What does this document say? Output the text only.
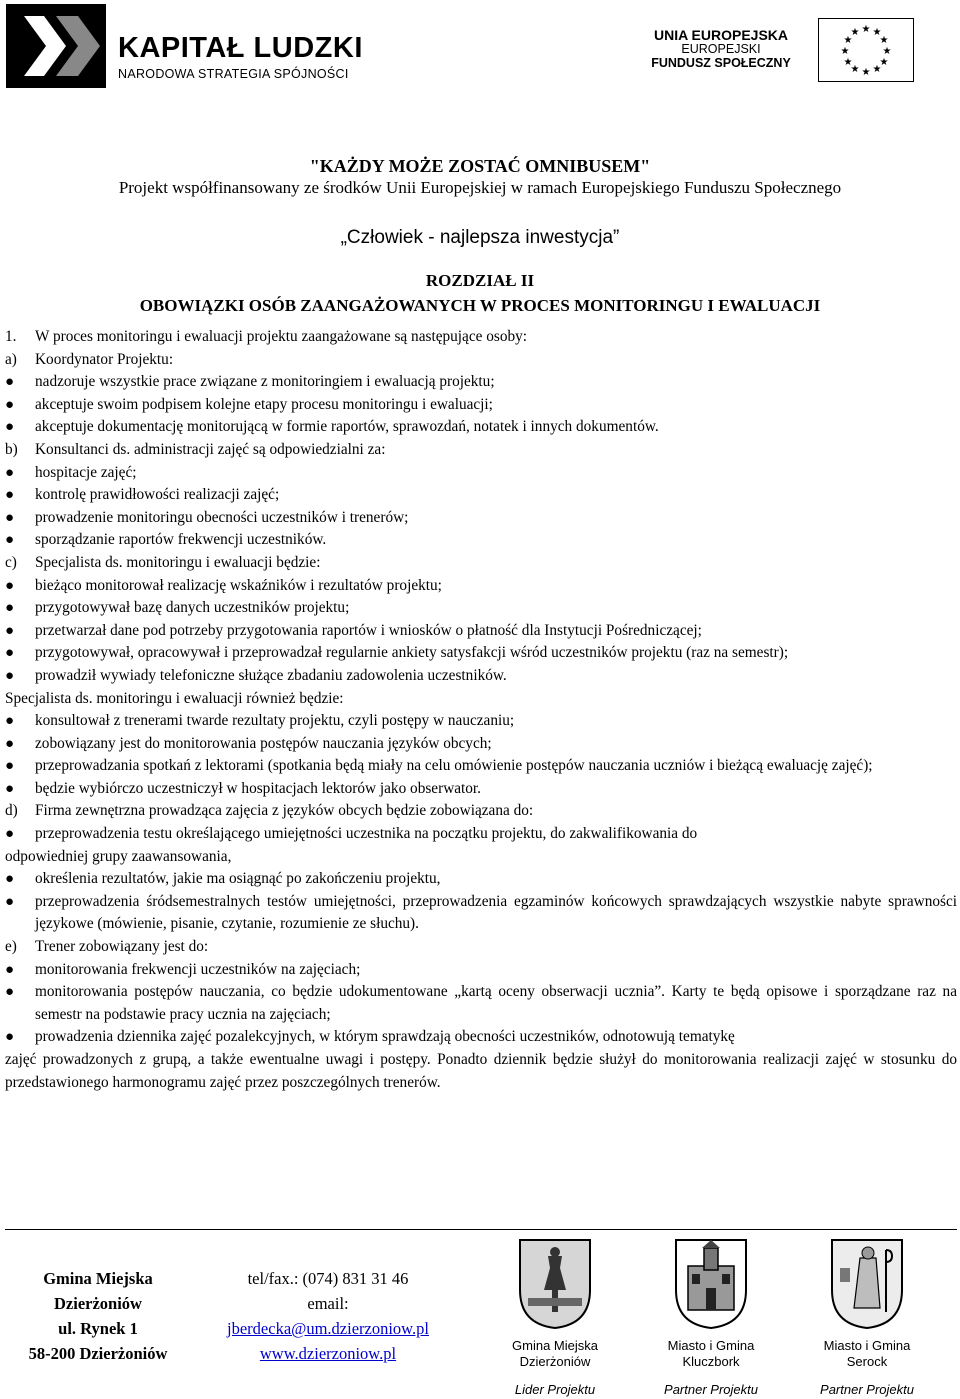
KAPITAŁ LUDZKI
NARODOWA STRATEGIA SPÓJNOŚCI
UNIA EUROPEJSKA
EUROPEJSKI
FUNDUSZ SPOŁECZNY
★ ★
★
★
★
★
★
★
★
★
★
★
"KAŻDY MOŻE ZOSTAĆ OMNIBUSEM"
Projekt współfinansowany ze środków Unii Europejskiej w ramach Europejskiego Funduszu Społecznego
„Człowiek - najlepsza inwestycja”
ROZDZIAŁ II
OBOWIĄZKI OSÓB ZAANGAŻOWANYCH W PROCES MONITORINGU I EWALUACJI
1.	W proces monitoringu i ewaluacji projektu zaangażowane są następujące osoby:
a)	Koordynator Projektu:
●	nadzoruje wszystkie prace związane z monitoringiem i ewaluacją projektu;
●	akceptuje swoim podpisem kolejne etapy procesu monitoringu i ewaluacji;
●	akceptuje dokumentację monitorującą w formie raportów, sprawozdań, notatek i innych dokumentów.
b)	Konsultanci ds. administracji zajęć są odpowiedzialni za:
●	hospitacje zajęć;
●	kontrolę prawidłowości realizacji zajęć;
●	prowadzenie monitoringu obecności uczestników i trenerów;
●	sporządzanie raportów frekwencji uczestników.
c)	Specjalista ds. monitoringu i ewaluacji będzie:
●	bieżąco monitorował realizację wskaźników i rezultatów projektu;
●	przygotowywał bazę danych uczestników projektu;
●	przetwarzał dane pod potrzeby przygotowania raportów i wniosków o płatność dla Instytucji Pośredniczącej;
●	przygotowywał, opracowywał i przeprowadzał regularnie ankiety satysfakcji wśród uczestników projektu (raz na semestr);
●	prowadził wywiady telefoniczne służące zbadaniu zadowolenia uczestników.
Specjalista ds. monitoringu i ewaluacji również będzie:
●	konsultował z trenerami twarde rezultaty projektu, czyli postępy w nauczaniu;
●	zobowiązany jest do monitorowania postępów nauczania języków obcych;
●	przeprowadzania spotkań z lektorami (spotkania będą miały na celu omówienie postępów nauczania uczniów i bieżącą ewaluację zajęć);
●	będzie wybiórczo uczestniczył w hospitacjach lektorów jako obserwator.
d)	Firma zewnętrzna prowadząca zajęcia z języków obcych będzie zobowiązana do:
●	przeprowadzenia testu określającego umiejętności uczestnika na początku projektu, do zakwalifikowania do
odpowiedniej grupy zaawansowania,
●	określenia rezultatów, jakie ma osiągnąć po zakończeniu projektu,
●	przeprowadzenia śródsemestralnych testów umiejętności, przeprowadzenia egzaminów końcowych sprawdzających wszystkie nabyte sprawności językowe (mówienie, pisanie, czytanie, rozumienie ze słuchu).
e)	Trener zobowiązany jest do:
●	monitorowania frekwencji uczestników na zajęciach;
●	monitorowania postępów nauczania, co będzie udokumentowane „kartą oceny obserwacji ucznia”. Karty te będą opisowe i sporządzane raz na semestr na podstawie pracy ucznia na zajęciach;
●	prowadzenia dziennika zajęć pozalekcyjnych, w którym sprawdzają obecności uczestników, odnotowują tematykę
zajęć prowadzonych z grupą, a także ewentualne uwagi i postępy. Ponadto dziennik będzie służył do monitorowania realizacji zajęć w stosunku do przedstawionego harmonogramu zajęć przez poszczególnych trenerów.
Gmina Miejska
Dzierżoniów
ul. Rynek 1
58-200 Dzierżoniów
tel/fax.: (074) 831 31 46
email:
jberdecka@um.dzierzoniow.pl
www.dzierzoniow.pl	Gmina Miejska
Dzierżoniów
Lider Projektu
Miasto i Gmina
Kluczbork
Partner Projektu
Miasto i Gmina
Serock
Partner Projektu
